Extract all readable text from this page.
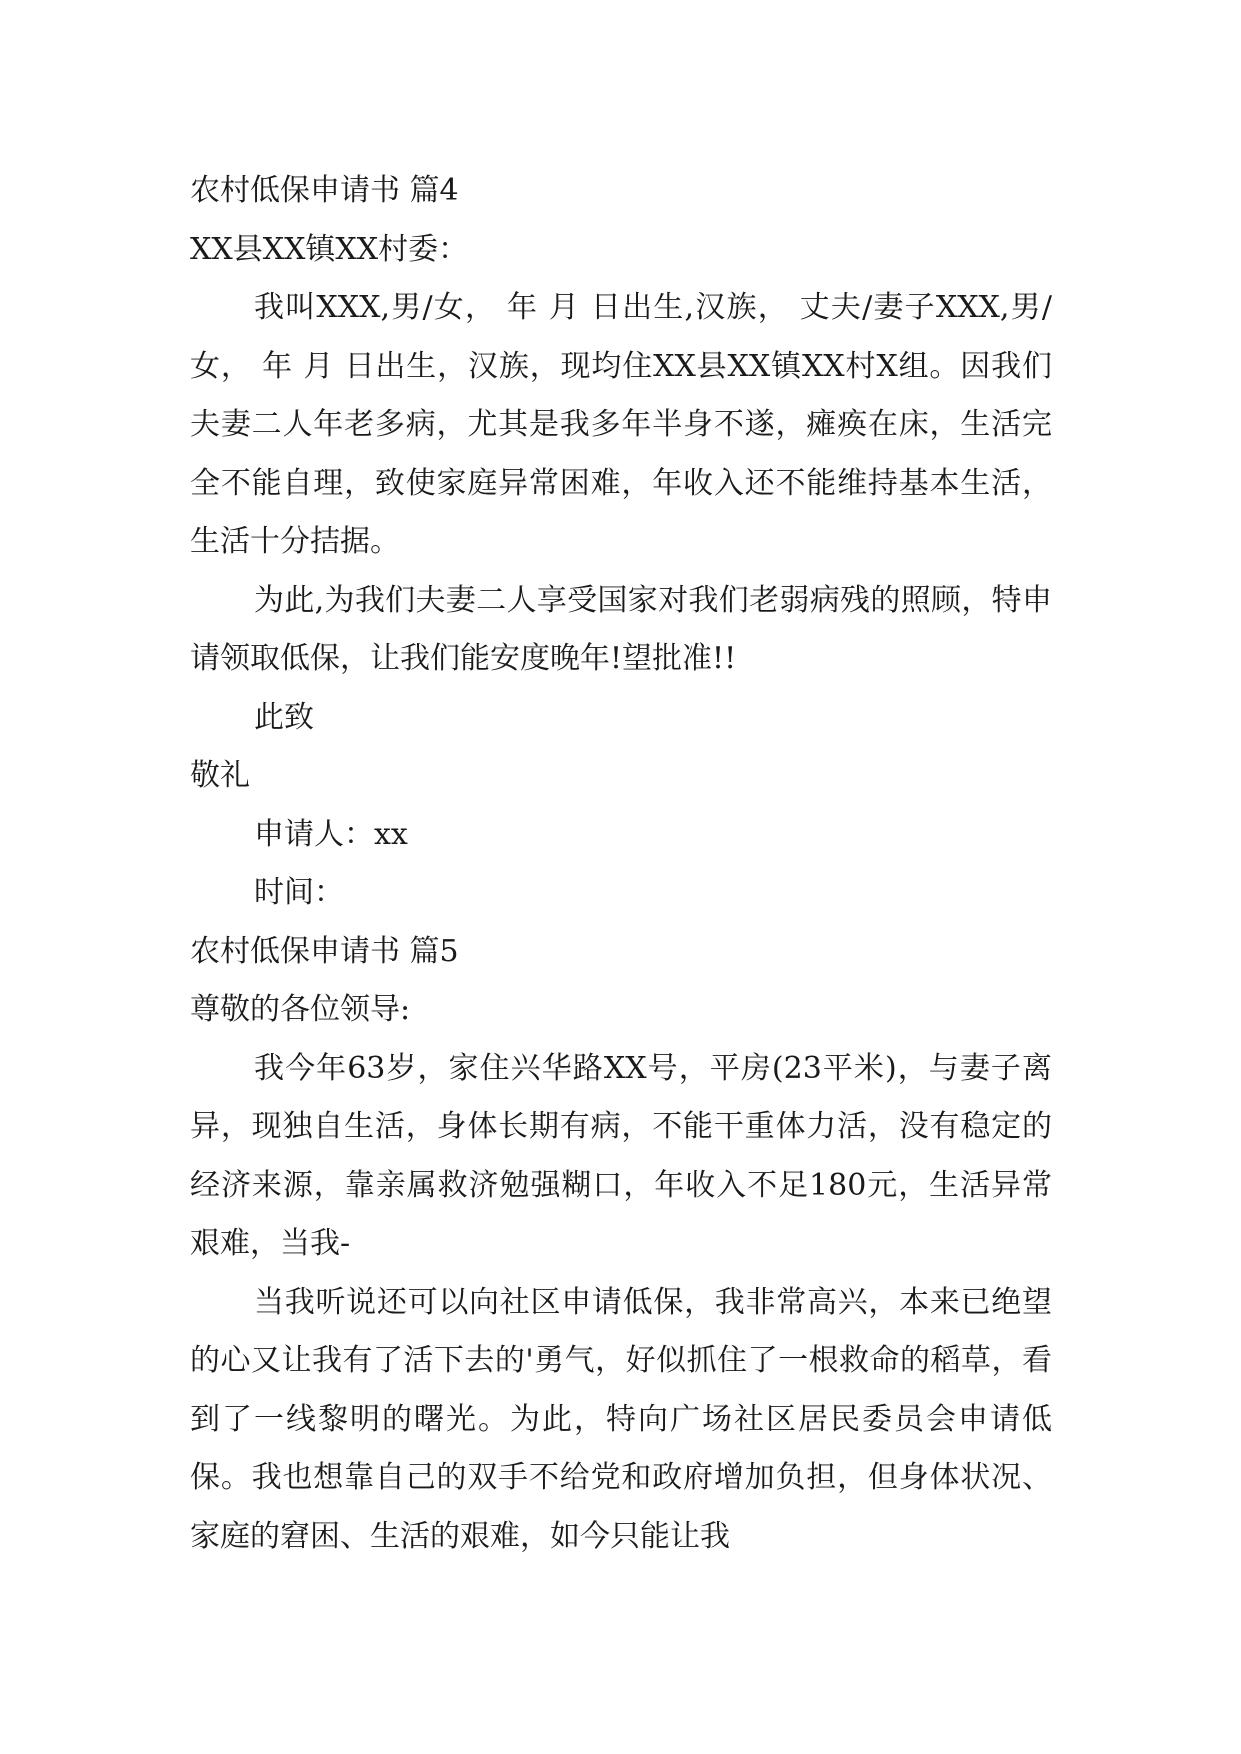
农村低保申请书 篇4
XX县XX镇XX村委：

我叫XXX,男/女， 年 月 日出生,汉族， 丈夫/妻子XXX,男/女， 年 月 日出生，汉族，现均住XX县XX镇XX村X组。因我们夫妻二人年老多病，尤其是我多年半身不遂，瘫痪在床，生活完全不能自理，致使家庭异常困难，年收入还不能维持基本生活，生活十分拮据。

为此,为我们夫妻二人享受国家对我们老弱病残的照顾，特申请领取低保，让我们能安度晚年!望批准!!

此致
敬礼
申请人：xx
时间：
农村低保申请书 篇5
尊敬的各位领导:

我今年63岁，家住兴华路XX号，平房(23平米)，与妻子离异，现独自生活，身体长期有病，不能干重体力活，没有稳定的经济来源，靠亲属救济勉强糊口，年收入不足180元，生活异常艰难，当我-

当我听说还可以向社区申请低保，我非常高兴，本来已绝望的心又让我有了活下去的'勇气，好似抓住了一根救命的稻草，看到了一线黎明的曙光。为此，特向广场社区居民委员会申请低保。我也想靠自己的双手不给党和政府增加负担，但身体状况、家庭的窘困、生活的艰难，如今只能让我
